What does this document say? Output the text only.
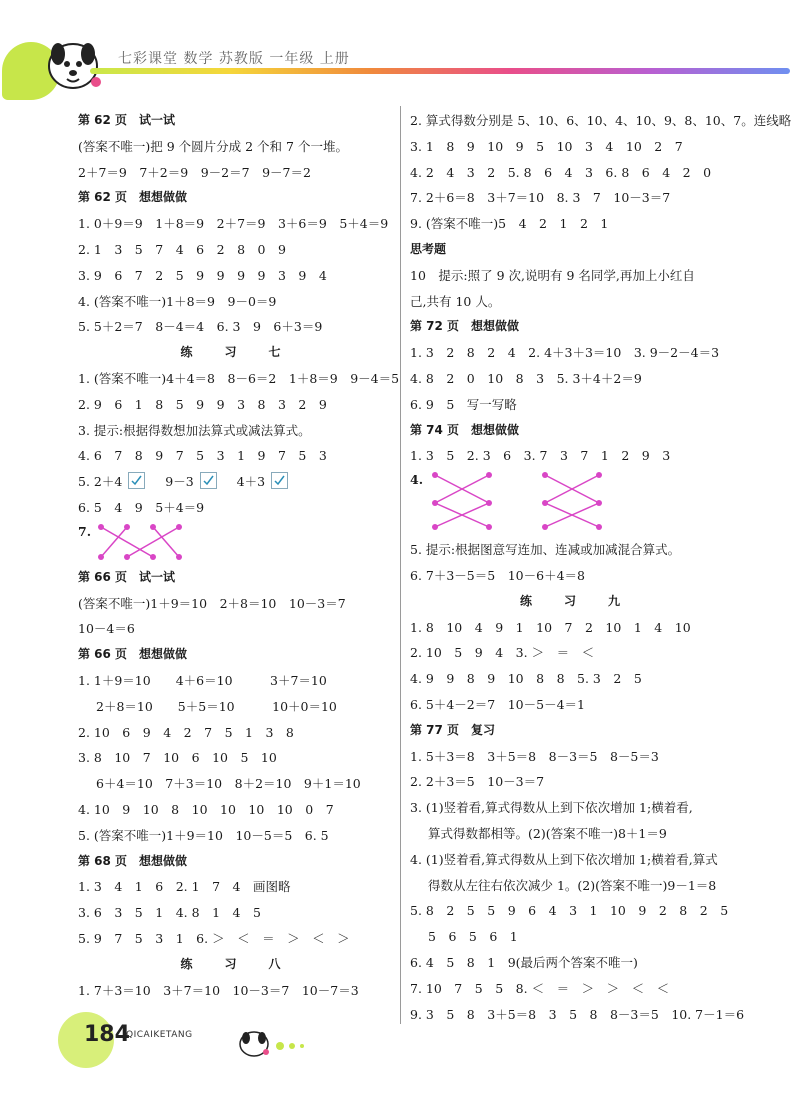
七彩课堂 数学 苏教版 一年级 上册
第 62 页　试一试
(答案不唯一)把 9 个圆片分成 2 个和 7 个一堆。
2＋7＝9　7＋2＝9　9－2＝7　9－7＝2
第 62 页　想想做做
1. 0＋9＝9　1＋8＝9　2＋7＝9　3＋6＝9　5＋4＝9
2. 1　3　5　7　4　6　2　8　0　9
3. 9　6　7　2　5　9　9　9　9　3　9　4
4. (答案不唯一)1＋8＝9　9－0＝9
5. 5＋2＝7　8－4＝4　6. 3　9　6＋3＝9
练　习　七
1. (答案不唯一)4＋4＝8　8－6＝2　1＋8＝9　9－4＝5
2. 9　6　1　8　5　9　9　3　8　3　2　9
3. 提示:根据得数想加法算式或减法算式。
4. 6　7　8　9　7　5　3　1　9　7　5　3
5. 2＋4	9－3	4＋3
6. 5　4　9　5＋4＝9
7.
第 66 页　试一试
(答案不唯一)1＋9＝10　2＋8＝10　10－3＝7
10－4＝6
第 66 页　想想做做
1. 1＋9＝10　　4＋6＝10　　　3＋7＝10
2＋8＝10　　5＋5＝10　　　10＋0＝10
2. 10　6　9　4　2　7　5　1　3　8
3. 8　10　7　10　6　10　5　10
6＋4＝10　7＋3＝10　8＋2＝10　9＋1＝10
4. 10　9　10　8　10　10　10　10　0　7
5. (答案不唯一)1＋9＝10　10－5＝5　6. 5
第 68 页　想想做做
1. 3　4　1　6　2. 1　7　4　画图略
3. 6　3　5　1　4. 8　1　4　5
5. 9　7　5　3　1　6. ＞　＜　＝　＞　＜　＞
练　习　八
1. 7＋3＝10　3＋7＝10　10－3＝7　10－7＝3
2. 算式得数分别是 5、10、6、10、4、10、9、8、10、7。连线略
3. 1　8　9　10　9　5　10　3　4　10　2　7
4. 2　4　3　2　5. 8　6　4　3　6. 8　6　4　2　0
7. 2＋6＝8　3＋7＝10　8. 3　7　10－3＝7
9. (答案不唯一)5　4　2　1　2　1
思考题
10　提示:照了 9 次,说明有 9 名同学,再加上小红自
己,共有 10 人。
第 72 页　想想做做
1. 3　2　8　2　4　2. 4＋3＋3＝10　3. 9－2－4＝3
4. 8　2　0　10　8　3　5. 3＋4＋2＝9
6. 9　5　写一写略
第 74 页　想想做做
1. 3　5　2. 3　6　3. 7　3　7　1　2　9　3
4.
5. 提示:根据图意写连加、连减或加减混合算式。
6. 7＋3－5＝5　10－6＋4＝8
练　习　九
1. 8　10　4　9　1　10　7　2　10　1　4　10
2. 10　5　9　4　3. ＞　＝　＜
4. 9　9　8　9　10　8　8　5. 3　2　5
6. 5＋4－2＝7　10－5－4＝1
第 77 页　复习
1. 5＋3＝8　3＋5＝8　8－3＝5　8－5＝3
2. 2＋3＝5　10－3＝7
3. (1)竖着看,算式得数从上到下依次增加 1;横着看,
算式得数都相等。(2)(答案不唯一)8＋1＝9
4. (1)竖着看,算式得数从上到下依次增加 1;横着看,算式
得数从左往右依次减少 1。(2)(答案不唯一)9－1＝8
5. 8　2　5　5　9　6　4　3　1　10　9　2　8　2　5
5　6　5　6　1
6. 4　5　8　1　9(最后两个答案不唯一)
7. 10　7　5　5　8. ＜　＝　＞　＞　＜　＜
9. 3　5　8　3＋5＝8　3　5　8　8－3＝5　10. 7－1＝6
184
QICAIKETANG
